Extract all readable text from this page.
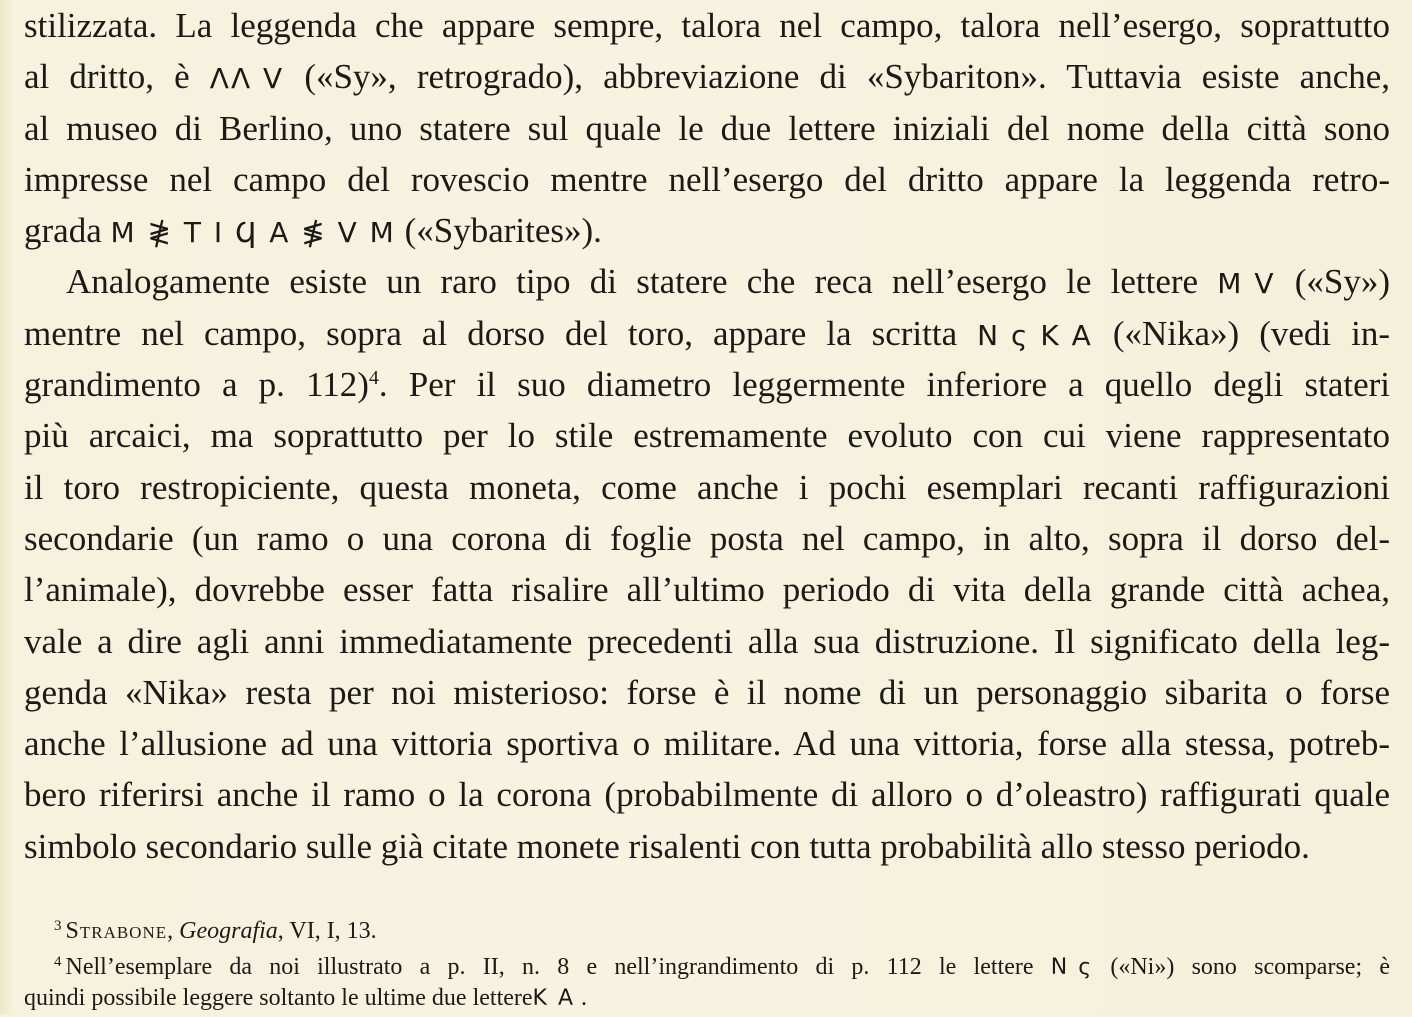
stilizzata. La leggenda che appare sempre, talora nel campo, talora nell’esergo, soprattutto
al dritto, è ΛΛ V («Sy», retrogrado), abbreviazione di «Sybariton». Tuttavia esiste anche,
al museo di Berlino, uno statere sul quale le due lettere iniziali del nome della città sono
impresse nel campo del rovescio mentre nell’esergo del dritto appare la leggenda retro-
grada Μ ≹ Τ Ι Ϥ Α ≸ V Μ («Sybarites»).
Analogamente esiste un raro tipo di statere che reca nell’esergo le lettere Μ V («Sy»)
mentre nel campo, sopra al dorso del toro, appare la scritta Ν ς Κ Α («Nika») (vedi in-
grandimento a p. 112)$^4$. Per il suo diametro leggermente inferiore a quello degli stateri
più arcaici, ma soprattutto per lo stile estremamente evoluto con cui viene rappresentato
il toro restropiciente, questa moneta, come anche i pochi esemplari recanti raffigurazioni
secondarie (un ramo o una corona di foglie posta nel campo, in alto, sopra il dorso del-
l’animale), dovrebbe esser fatta risalire all’ultimo periodo di vita della grande città achea,
vale a dire agli anni immediatamente precedenti alla sua distruzione. Il significato della leg-
genda «Nika» resta per noi misterioso: forse è il nome di un personaggio sibarita o forse
anche l’allusione ad una vittoria sportiva o militare. Ad una vittoria, forse alla stessa, potreb-
bero riferirsi anche il ramo o la corona (probabilmente di alloro o d’oleastro) raffigurati quale
simbolo secondario sulle già citate monete risalenti con tutta probabilità allo stesso periodo.
$^3$ Strabone, Geografia, VI, I, 13.
$^4$ Nell’esemplare da noi illustrato a p. II, n. 8 e nell’ingrandimento di p. 112 le lettere Ν ς («Ni») sono scomparse; è
quindi possibile leggere soltanto le ultime due lettereΚ Α .
